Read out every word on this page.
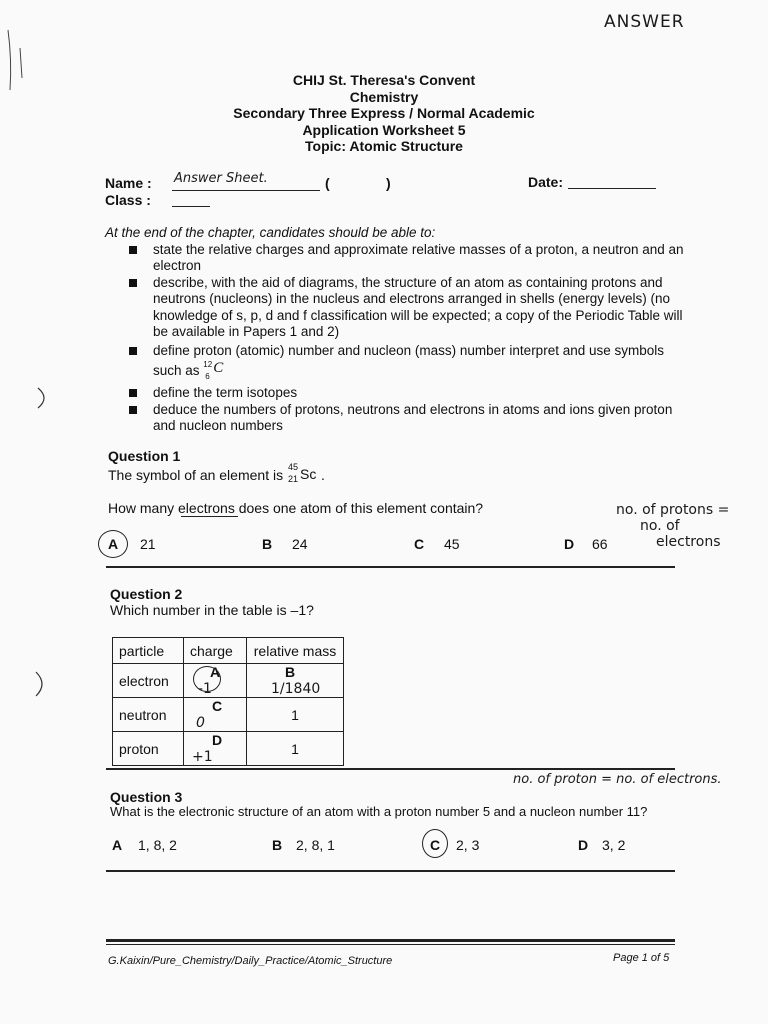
ANSWER
CHIJ St. Theresa's Convent
Chemistry
Secondary Three Express / Normal Academic
Application Worksheet 5
Topic: Atomic Structure
Name : Answer Sheet.	(	)	Date:
Class :
At the end of the chapter, candidates should be able to:
state the relative charges and approximate relative masses of a proton, a neutron and an electron
describe, with the aid of diagrams, the structure of an atom as containing protons and neutrons (nucleons) in the nucleus and electrons arranged in shells (energy levels) (no knowledge of s, p, d and f classification will be expected; a copy of the Periodic Table will be available in Papers 1 and 2)
define proton (atomic) number and nucleon (mass) number interpret and use symbols such as 12
6
C
define the term isotopes
deduce the numbers of protons, neutrons and electrons in atoms and ions given proton and nucleon numbers
Question 1
The symbol of an element is 45
21 Sc .
How many electrons does one atom of this element contain?
A 21	B 24	C 45	D 66
no. of protons =
no. of
electrons
Question 2
Which number in the table is –1?
particle	charge	relative mass
electron	A -1	B 1/1840
neutron	C 0	1
proton	D +1	1
no. of proton = no. of electrons.
Question 3
What is the electronic structure of an atom with a proton number 5 and a nucleon number 11?
A 1, 8, 2	B 2, 8, 1	C 2, 3	D 3, 2
G.Kaixin/Pure_Chemistry/Daily_Practice/Atomic_Structure	Page 1 of 5
